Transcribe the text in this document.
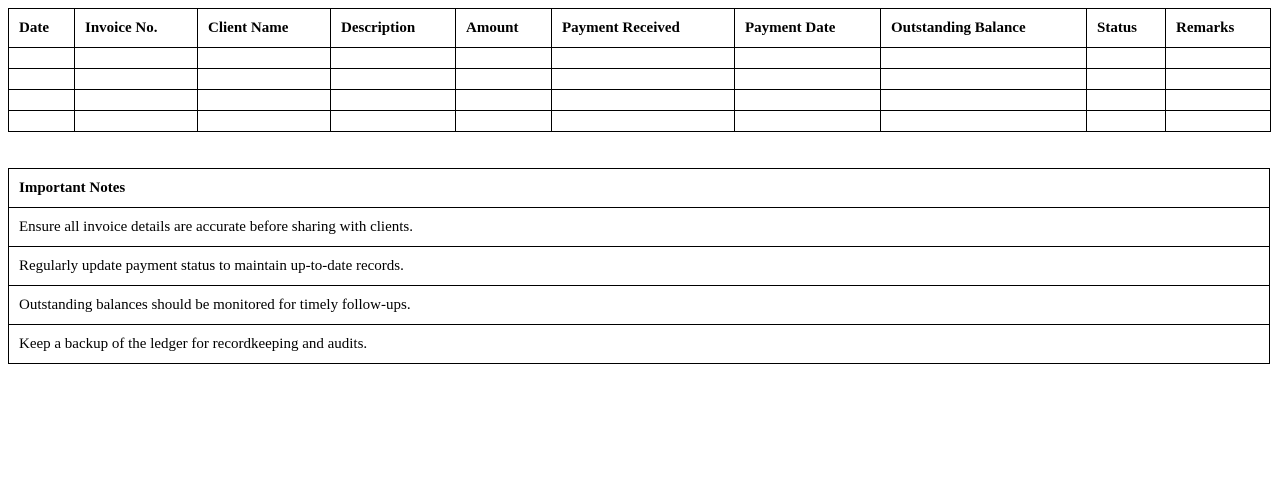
Date	Invoice No.	Client Name	Description	Amount	Payment Received	Payment Date	Outstanding Balance	Status	Remarks

Important Notes
Ensure all invoice details are accurate before sharing with clients.
Regularly update payment status to maintain up-to-date records.
Outstanding balances should be monitored for timely follow-ups.
Keep a backup of the ledger for recordkeeping and audits.
